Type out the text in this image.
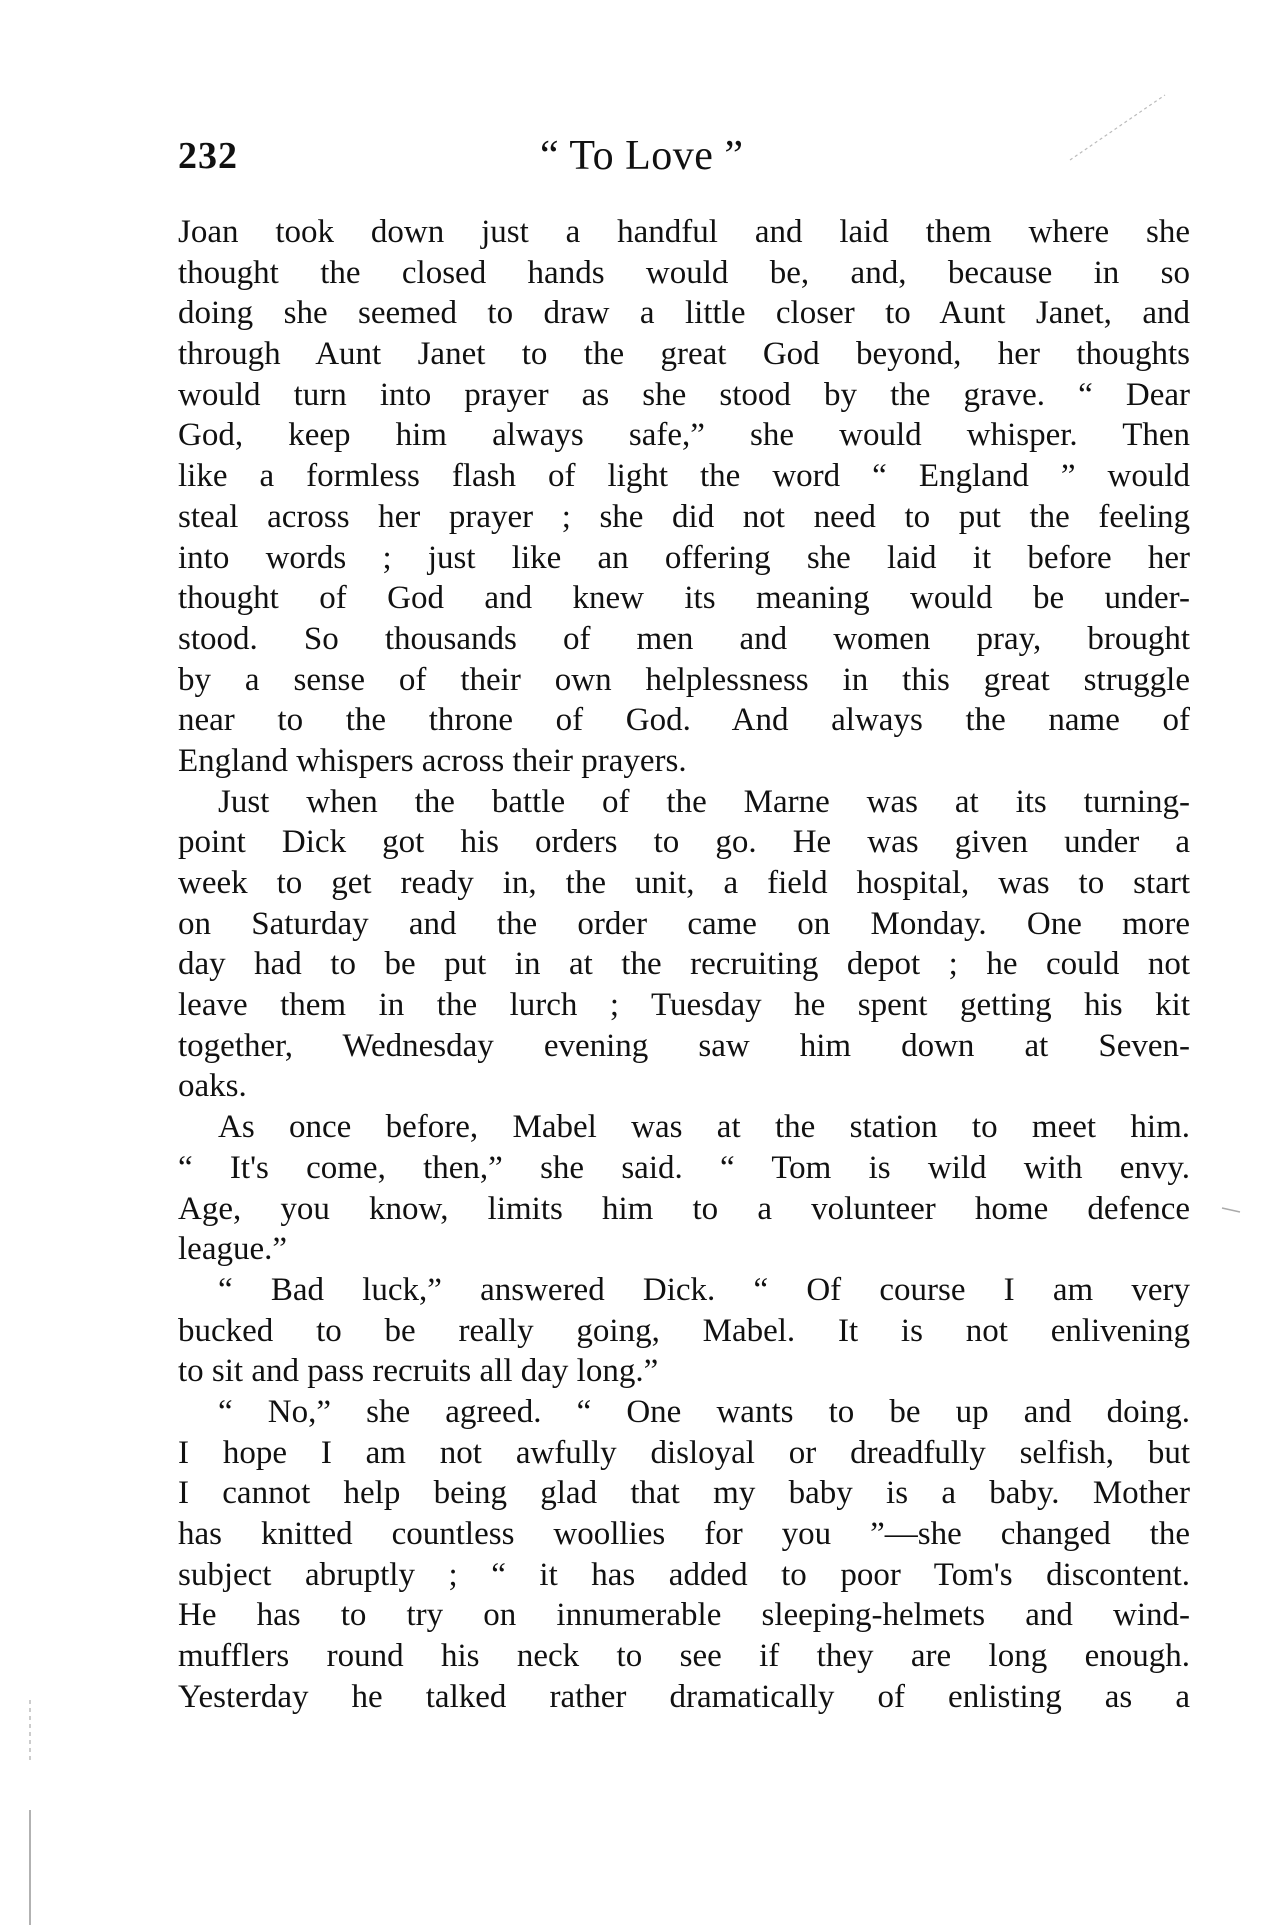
232	“ To Love ”
Joan took down just a handful and laid them where she
thought the closed hands would be, and, because in so
doing she seemed to draw a little closer to Aunt Janet, and
through Aunt Janet to the great God beyond, her thoughts
would turn into prayer as she stood by the grave. “ Dear
God, keep him always safe,” she would whisper. Then
like a formless flash of light the word “ England ” would
steal across her prayer ; she did not need to put the feeling
into words ; just like an offering she laid it before her
thought of God and knew its meaning would be under-
stood. So thousands of men and women pray, brought
by a sense of their own helplessness in this great struggle
near to the throne of God. And always the name of
England whispers across their prayers.
Just when the battle of the Marne was at its turning-
point Dick got his orders to go. He was given under a
week to get ready in, the unit, a field hospital, was to start
on Saturday and the order came on Monday. One more
day had to be put in at the recruiting depot ; he could not
leave them in the lurch ; Tuesday he spent getting his kit
together, Wednesday evening saw him down at Seven-
oaks.
As once before, Mabel was at the station to meet him.
“ It's come, then,” she said. “ Tom is wild with envy.
Age, you know, limits him to a volunteer home defence
league.”
“ Bad luck,” answered Dick. “ Of course I am very
bucked to be really going, Mabel. It is not enlivening
to sit and pass recruits all day long.”
“ No,” she agreed. “ One wants to be up and doing.
I hope I am not awfully disloyal or dreadfully selfish, but
I cannot help being glad that my baby is a baby. Mother
has knitted countless woollies for you ”—she changed the
subject abruptly ; “ it has added to poor Tom's discontent.
He has to try on innumerable sleeping-helmets and wind-
mufflers round his neck to see if they are long enough.
Yesterday he talked rather dramatically of enlisting as a
